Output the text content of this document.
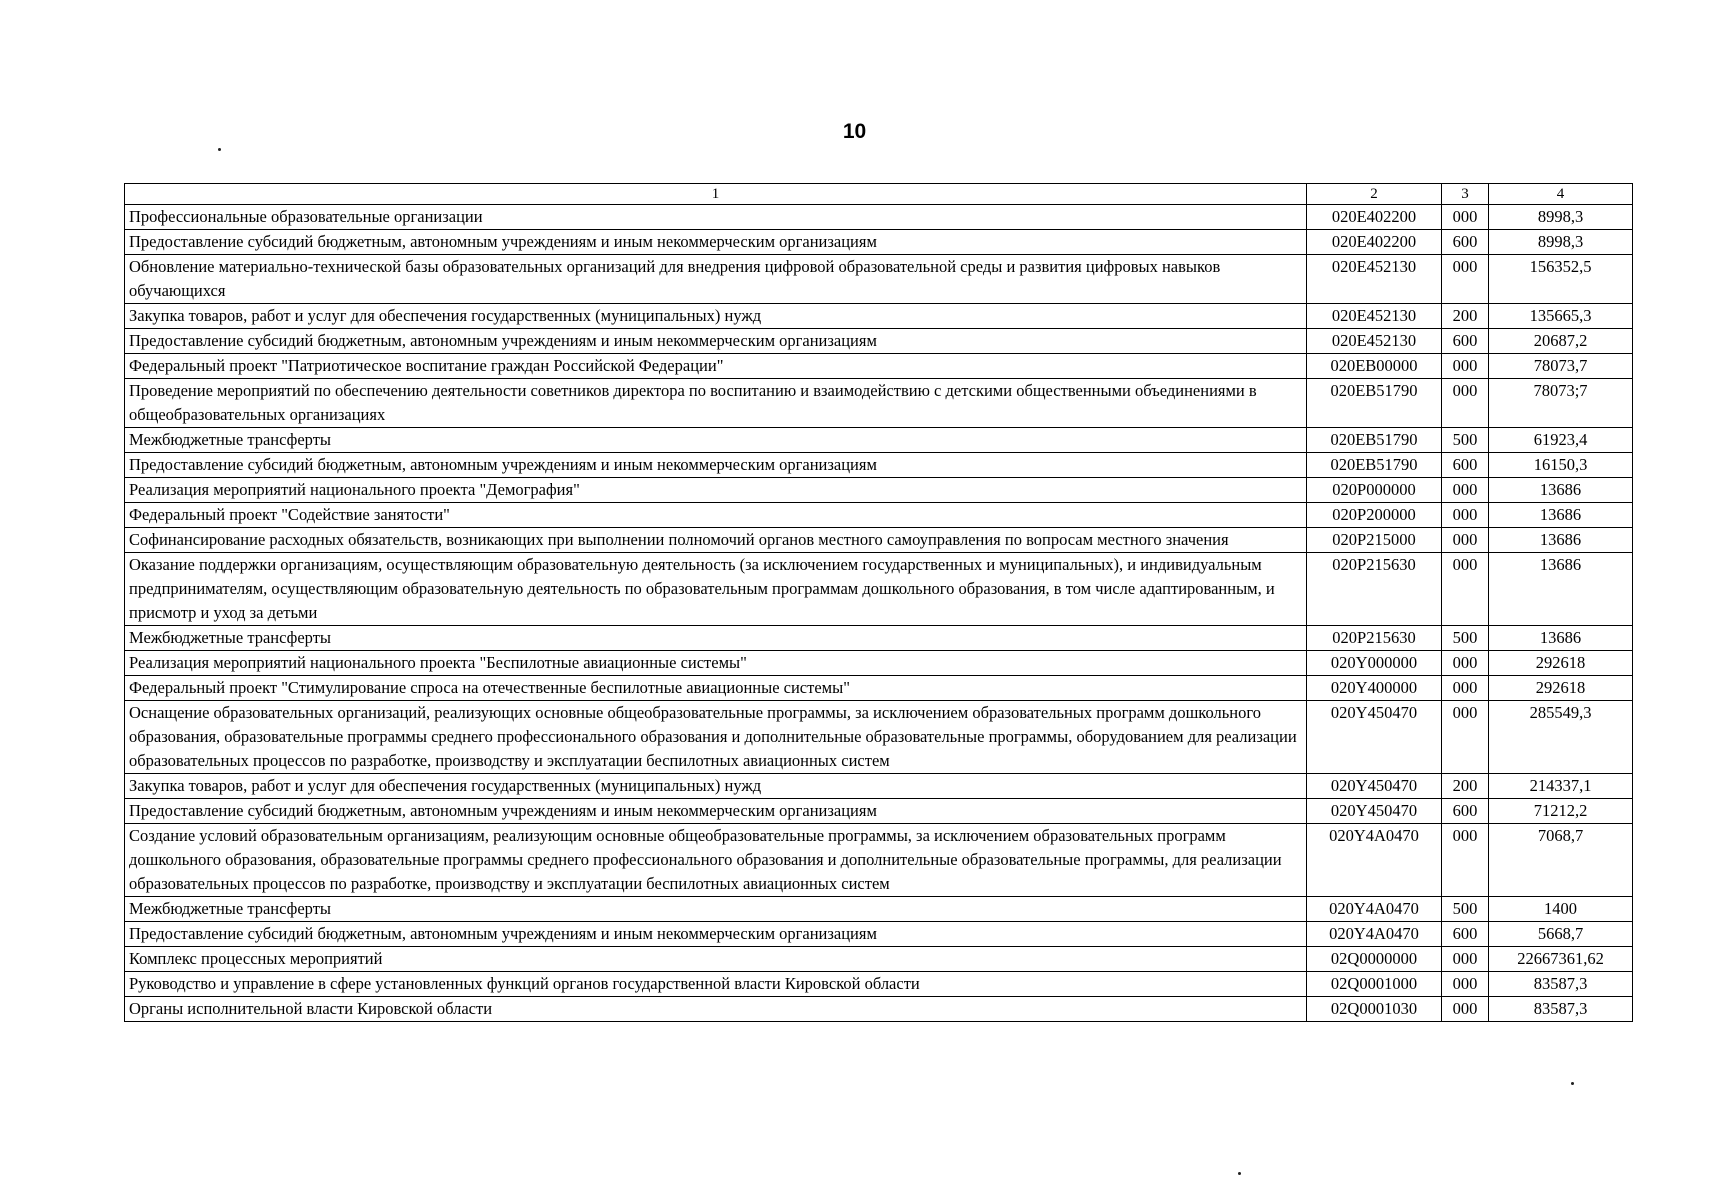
10
1	2	3	4
Профессиональные образовательные организации	020E402200	000	8998,3
Предоставление субсидий бюджетным, автономным учреждениям и иным некоммерческим организациям	020E402200	600	8998,3
Обновление материально-технической базы образовательных организаций для внедрения цифровой образовательной среды и развития цифровых навыков обучающихся	020E452130	000	156352,5
Закупка товаров, работ и услуг для обеспечения государственных (муниципальных) нужд	020E452130	200	135665,3
Предоставление субсидий бюджетным, автономным учреждениям и иным некоммерческим организациям	020E452130	600	20687,2
Федеральный проект "Патриотическое воспитание граждан Российской Федерации"	020EB00000	000	78073,7
Проведение мероприятий по обеспечению деятельности советников директора по воспитанию и взаимодействию с детскими общественными объединениями в общеобразовательных организациях	020EB51790	000	78073;7
Межбюджетные трансферты	020EB51790	500	61923,4
Предоставление субсидий бюджетным, автономным учреждениям и иным некоммерческим организациям	020EB51790	600	16150,3
Реализация мероприятий национального проекта "Демография"	020P000000	000	13686
Федеральный проект "Содействие занятости"	020P200000	000	13686
Софинансирование расходных обязательств, возникающих при выполнении полномочий органов местного самоуправления по вопросам местного значения	020P215000	000	13686
Оказание поддержки организациям, осуществляющим образовательную деятельность (за исключением государственных и муниципальных), и индивидуальным предпринимателям, осуществляющим образовательную деятельность по образовательным программам дошкольного образования, в том числе адаптированным, и присмотр и уход за детьми	020P215630	000	13686
Межбюджетные трансферты	020P215630	500	13686
Реализация мероприятий национального проекта "Беспилотные авиационные системы"	020Y000000	000	292618
Федеральный проект "Стимулирование спроса на отечественные беспилотные авиационные системы"	020Y400000	000	292618
Оснащение образовательных организаций, реализующих основные общеобразовательные программы, за исключением образовательных программ дошкольного образования, образовательные программы среднего профессионального образования и дополнительные образовательные программы, оборудованием для реализации образовательных процессов по разработке, производству и эксплуатации беспилотных авиационных систем	020Y450470	000	285549,3
Закупка товаров, работ и услуг для обеспечения государственных (муниципальных) нужд	020Y450470	200	214337,1
Предоставление субсидий бюджетным, автономным учреждениям и иным некоммерческим организациям	020Y450470	600	71212,2
Создание условий образовательным организациям, реализующим основные общеобразовательные программы, за исключением образовательных программ дошкольного образования, образовательные программы среднего профессионального образования и дополнительные образовательные программы, для реализации образовательных процессов по разработке, производству и эксплуатации беспилотных авиационных систем	020Y4A0470	000	7068,7
Межбюджетные трансферты	020Y4A0470	500	1400
Предоставление субсидий бюджетным, автономным учреждениям и иным некоммерческим организациям	020Y4A0470	600	5668,7
Комплекс процессных мероприятий	02Q0000000	000	22667361,62
Руководство и управление в сфере установленных функций органов государственной власти Кировской области	02Q0001000	000	83587,3
Органы исполнительной власти Кировской области	02Q0001030	000	83587,3
